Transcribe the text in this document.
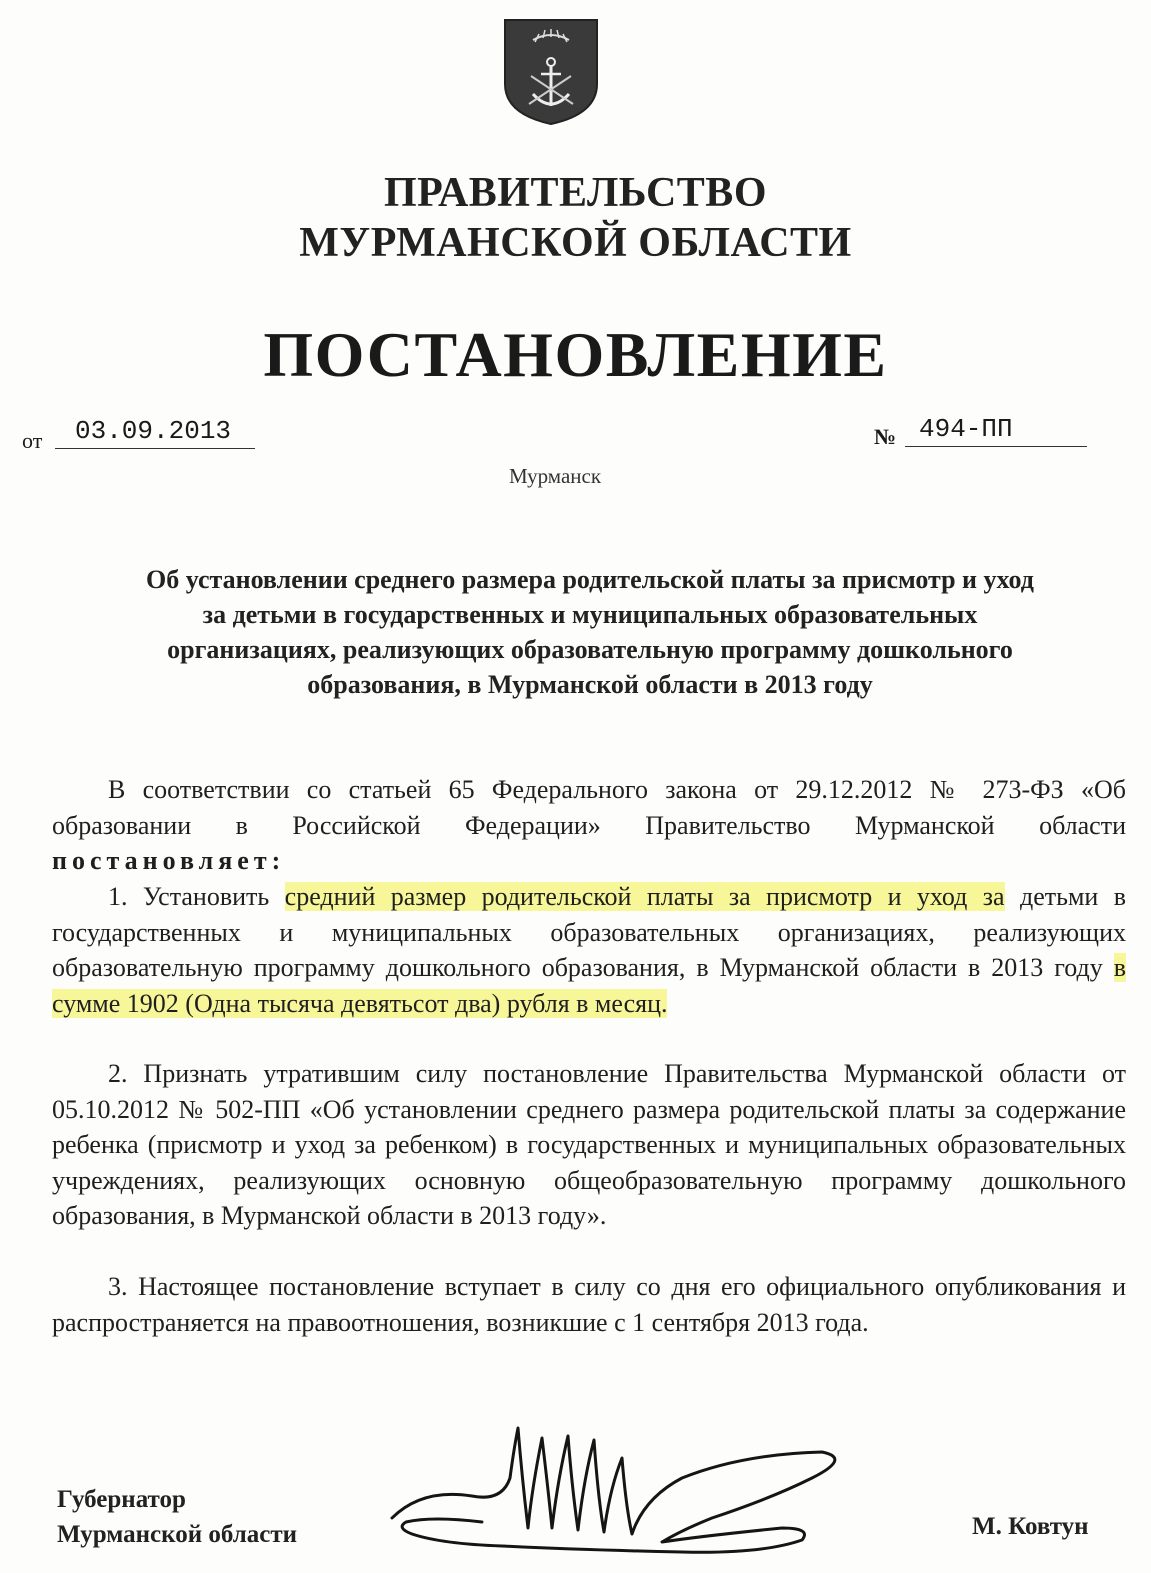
ПРАВИТЕЛЬСТВО
МУРМАНСКОЙ ОБЛАСТИ
ПОСТАНОВЛЕНИЕ
от 03.09.2013	№ 494-ПП
Мурманск
Об установлении среднего размера родительской платы за присмотр и уход
за детьми в государственных и муниципальных образовательных
организациях, реализующих образовательную программу дошкольного
образования, в Мурманской области в 2013 году
В соответствии со статьей 65 Федерального закона от 29.12.2012 № 273-ФЗ «Об образовании в Российской Федерации» Правительство Мурманской области постановляет:
1. Установить средний размер родительской платы за присмотр и уход за детьми в государственных и муниципальных образовательных организациях, реализующих образовательную программу дошкольного образования, в Мурманской области в 2013 году в сумме 1902 (Одна тысяча девятьсот два) рубля в месяц.
2. Признать утратившим силу постановление Правительства Мурманской области от 05.10.2012 № 502-ПП «Об установлении среднего размера родительской платы за содержание ребенка (присмотр и уход за ребенком) в государственных и муниципальных образовательных учреждениях, реализующих основную общеобразовательную программу дошкольного образования, в Мурманской области в 2013 году».
3. Настоящее постановление вступает в силу со дня его официального опубликования и распространяется на правоотношения, возникшие с 1 сентября 2013 года.
Губернатор
Мурманской области	М. Ковтун
